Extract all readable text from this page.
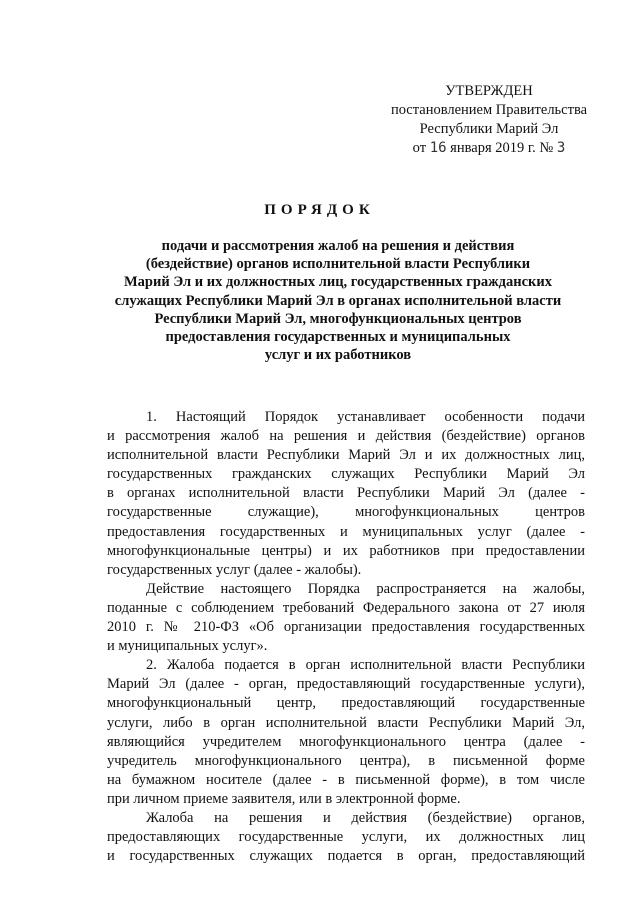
УТВЕРЖДЕН
постановлением Правительства
Республики Марий Эл
от 16 января 2019 г. № 3
ПОРЯДОК
подачи и рассмотрения жалоб на решения и действия
(бездействие) органов исполнительной власти Республики
Марий Эл и их должностных лиц, государственных гражданских
служащих Республики Марий Эл в органах исполнительной власти
Республики Марий Эл, многофункциональных центров
предоставления государственных и муниципальных
услуг и их работников
1. Настоящий Порядок устанавливает особенности подачи
и рассмотрения жалоб на решения и действия (бездействие) органов
исполнительной власти Республики Марий Эл и их должностных лиц,
государственных гражданских служащих Республики Марий Эл
в органах исполнительной власти Республики Марий Эл (далее -
государственные служащие), многофункциональных центров
предоставления государственных и муниципальных услуг (далее -
многофункциональные центры) и их работников при предоставлении
государственных услуг (далее - жалобы).
Действие настоящего Порядка распространяется на жалобы,
поданные с соблюдением требований Федерального закона от 27 июля
2010 г. № 210-ФЗ «Об организации предоставления государственных
и муниципальных услуг».
2. Жалоба подается в орган исполнительной власти Республики
Марий Эл (далее - орган, предоставляющий государственные услуги),
многофункциональный центр, предоставляющий государственные
услуги, либо в орган исполнительной власти Республики Марий Эл,
являющийся учредителем многофункционального центра (далее -
учредитель многофункционального центра), в письменной форме
на бумажном носителе (далее - в письменной форме), в том числе
при личном приеме заявителя, или в электронной форме.
Жалоба на решения и действия (бездействие) органов,
предоставляющих государственные услуги, их должностных лиц
и государственных служащих подается в орган, предоставляющий
